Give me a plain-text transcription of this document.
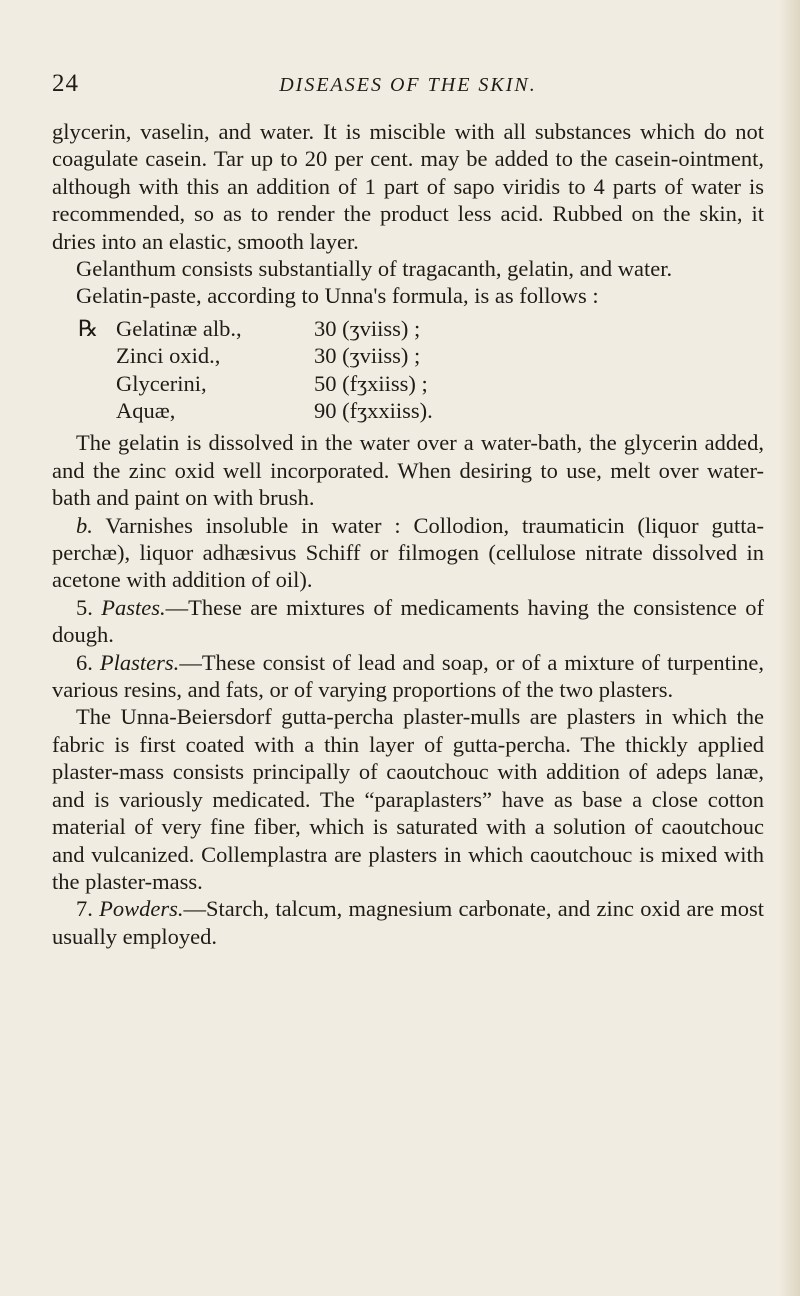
24	DISEASES OF THE SKIN.

glycerin, vaselin, and water. It is miscible with all substances which do not coagulate casein. Tar up to 20 per cent. may be added to the casein-ointment, although with this an addition of 1 part of sapo viridis to 4 parts of water is recommended, so as to render the product less acid. Rubbed on the skin, it dries into an elastic, smooth layer.

Gelanthum consists substantially of tragacanth, gelatin, and water.

Gelatin-paste, according to Unna's formula, is as follows :

℞ Gelatinæ alb.,	30 (ʒviiss) ;
Zinci oxid.,	30 (ʒviiss) ;
Glycerini,	50 (fʒxiiss) ;
Aquæ,	90 (fʒxxiiss).

The gelatin is dissolved in the water over a water-bath, the glycerin added, and the zinc oxid well incorporated. When desiring to use, melt over water-bath and paint on with brush.

b. Varnishes insoluble in water : Collodion, traumaticin (liquor gutta-perchæ), liquor adhæsivus Schiff or filmogen (cellulose nitrate dissolved in acetone with addition of oil).

5. Pastes.—These are mixtures of medicaments having the consistence of dough.

6. Plasters.—These consist of lead and soap, or of a mixture of turpentine, various resins, and fats, or of varying proportions of the two plasters.

The Unna-Beiersdorf gutta-percha plaster-mulls are plasters in which the fabric is first coated with a thin layer of gutta-percha. The thickly applied plaster-mass consists principally of caoutchouc with addition of adeps lanæ, and is variously medicated. The “paraplasters” have as base a close cotton material of very fine fiber, which is saturated with a solution of caoutchouc and vulcanized. Collemplastra are plasters in which caoutchouc is mixed with the plaster-mass.

7. Powders.—Starch, talcum, magnesium carbonate, and zinc oxid are most usually employed.
